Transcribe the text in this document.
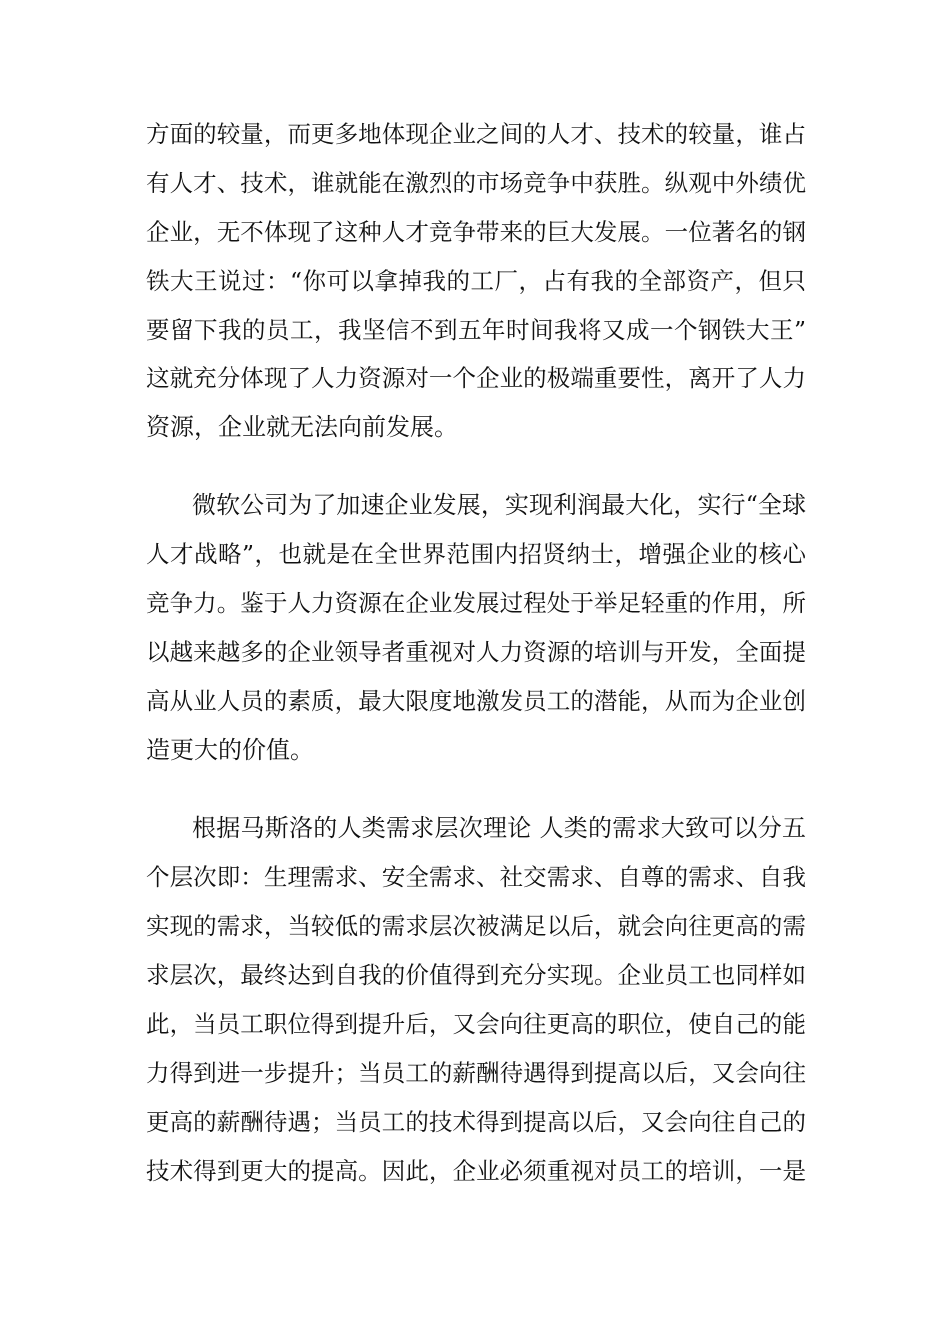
方面的较量，而更多地体现企业之间的人才、技术的较量，谁占

有人才、技术，谁就能在激烈的市场竞争中获胜。纵观中外绩优

企业，无不体现了这种人才竞争带来的巨大发展。一位著名的钢

铁大王说过：“你可以拿掉我的工厂，占有我的全部资产，但只

要留下我的员工，我坚信不到五年时间我将又成一个钢铁大王”

这就充分体现了人力资源对一个企业的极端重要性，离开了人力

资源，企业就无法向前发展。

微软公司为了加速企业发展，实现利润最大化，实行“全球

人才战略”，也就是在全世界范围内招贤纳士，增强企业的核心

竞争力。鉴于人力资源在企业发展过程处于举足轻重的作用，所

以越来越多的企业领导者重视对人力资源的培训与开发，全面提

高从业人员的素质，最大限度地激发员工的潜能，从而为企业创

造更大的价值。

根据马斯洛的人类需求层次理论 人类的需求大致可以分五

个层次即：生理需求、安全需求、社交需求、自尊的需求、自我

实现的需求，当较低的需求层次被满足以后，就会向往更高的需

求层次，最终达到自我的价值得到充分实现。企业员工也同样如

此，当员工职位得到提升后，又会向往更高的职位，使自己的能

力得到进一步提升；当员工的薪酬待遇得到提高以后，又会向往

更高的薪酬待遇；当员工的技术得到提高以后，又会向往自己的

技术得到更大的提高。因此，企业必须重视对员工的培训，一是
